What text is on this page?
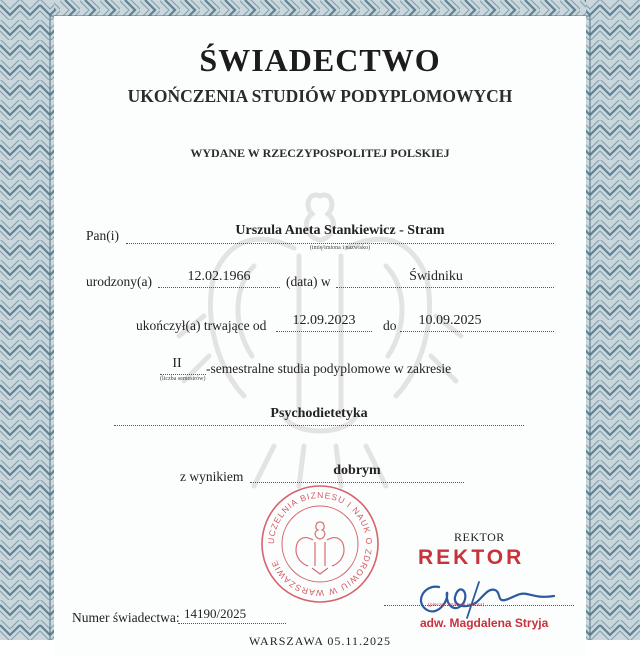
ŚWIADECTWO
UKOŃCZENIA STUDIÓW PODYPLOMOWYCH
WYDANE W RZECZYPOSPOLITEJ POLSKIEJ
Pan(i)	Urszula Aneta Stankiewicz - Stram
(imię/imiona i nazwisko)
urodzony(a)	12.02.1966	(data) w	Świdniku
ukończył(a) trwające od	12.09.2023	do	10.09.2025
II
(liczba semestrów)
-semestralne studia podyplomowe w zakresie
Psychodietetyka
z wynikiem	dobrym
UCZELNIA BIZNESU I NAUK O ZDROWIU W WARSZAWIE
REKTOR
REKTOR
(pieczęć imienna rektora)
adw. Magdalena Stryja
Numer świadectwa: 14190/2025
WARSZAWA 05.11.2025
